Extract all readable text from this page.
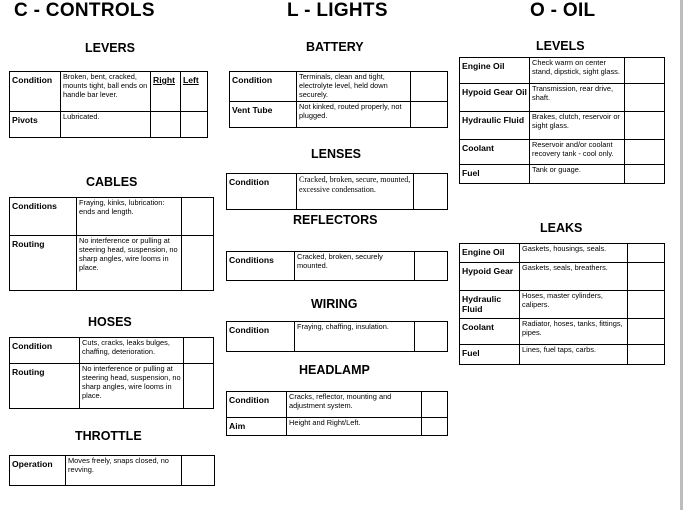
C - CONTROLS	L - LIGHTS	O - OIL
LEVERS
Condition	Broken, bent, cracked, mounts tight, ball ends on handle bar lever.	Right	Left
Pivots	Lubricated.		
CABLES
Conditions	Fraying, kinks, lubrication: ends and length.	
Routing	No interference or pulling at steering head, suspension, no sharp angles, wire looms in place.	
HOSES
Condition	Cuts, cracks, leaks bulges, chaffing, deterioration.	
Routing	No interference or pulling at steering head, suspension, no sharp angles, wire looms in place.	
THROTTLE
Operation	Moves freely, snaps closed, no revving.	
BATTERY
Condition	Terminals, clean and tight, electrolyte level, held down securely.	
Vent Tube	Not kinked, routed properly, not plugged.	
LENSES
Condition	Cracked, broken, secure, mounted, excessive condensation.	
REFLECTORS
Conditions	Cracked, broken, securely mounted.	
WIRING
Condition	Fraying, chaffing, insulation.	
HEADLAMP
Condition	Cracks, reflector, mounting and adjustment system.	
Aim	Height and Right/Left.	
LEVELS
Engine Oil	Check warm on center stand, dipstick, sight glass.	
Hypoid Gear Oil	Transmission, rear drive, shaft.	
Hydraulic Fluid	Brakes, clutch, reservoir or sight glass.	
Coolant	Reservoir and/or coolant recovery tank - cool only.	
Fuel	Tank or guage.	
LEAKS
Engine Oil	Gaskets, housings, seals.	
Hypoid Gear	Gaskets, seals, breathers.	
Hydraulic Fluid	Hoses, master cylinders, calipers.	
Coolant	Radiator, hoses, tanks, fittings, pipes.	
Fuel	Lines, fuel taps, carbs.	
